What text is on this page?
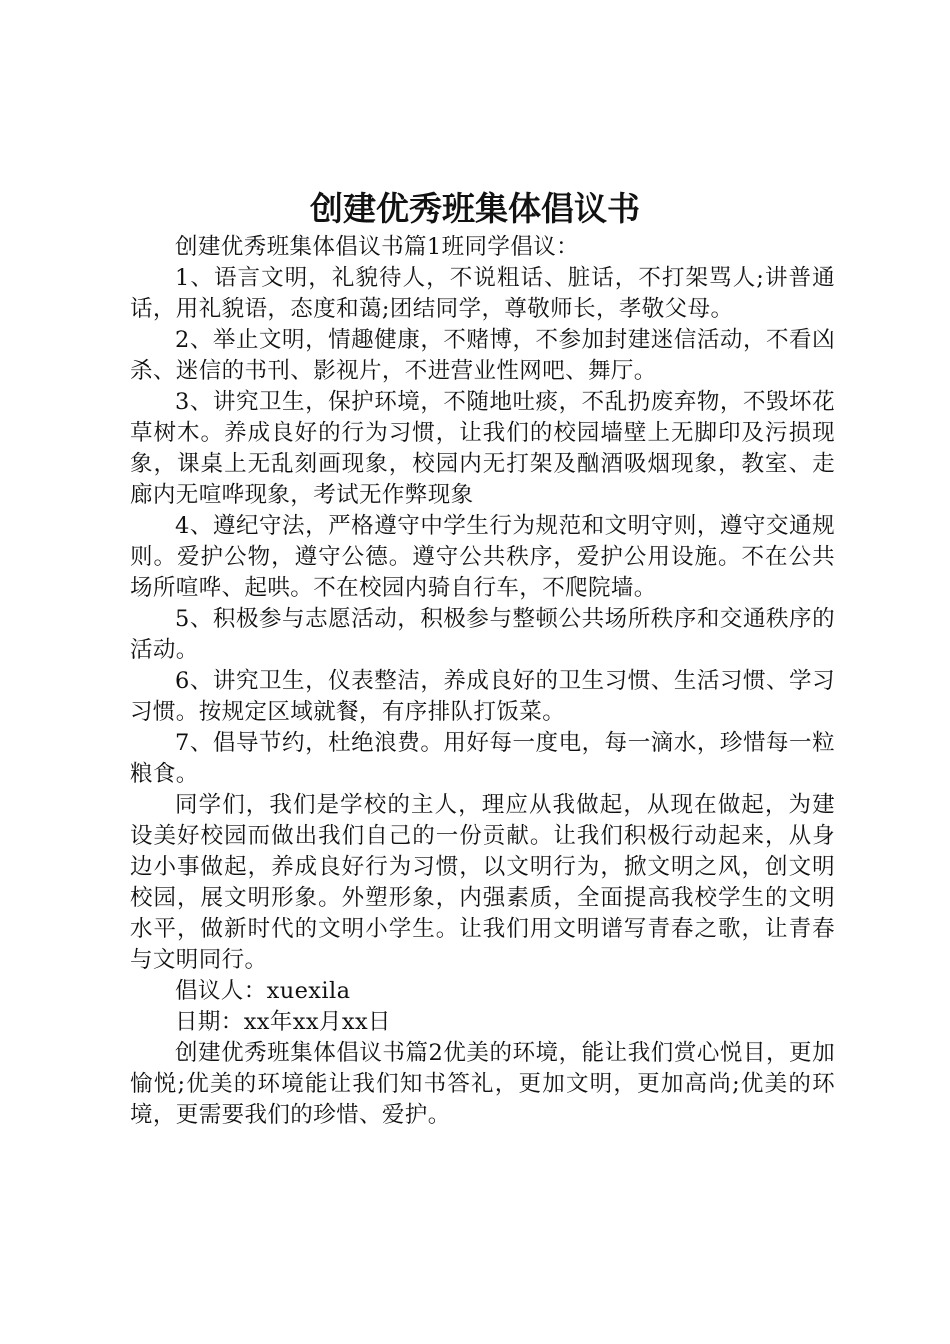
创建优秀班集体倡议书

创建优秀班集体倡议书篇1班同学倡议：

1、语言文明，礼貌待人，不说粗话、脏话，不打架骂人;讲普通话，用礼貌语，态度和蔼;团结同学，尊敬师长，孝敬父母。

2、举止文明，情趣健康，不赌博，不参加封建迷信活动，不看凶杀、迷信的书刊、影视片，不进营业性网吧、舞厅。

3、讲究卫生，保护环境，不随地吐痰，不乱扔废弃物，不毁坏花草树木。养成良好的行为习惯，让我们的校园墙壁上无脚印及污损现象，课桌上无乱刻画现象，校园内无打架及酗酒吸烟现象，教室、走廊内无喧哗现象，考试无作弊现象

4、遵纪守法，严格遵守中学生行为规范和文明守则，遵守交通规则。爱护公物，遵守公德。遵守公共秩序，爱护公用设施。不在公共场所喧哗、起哄。不在校园内骑自行车，不爬院墙。

5、积极参与志愿活动，积极参与整顿公共场所秩序和交通秩序的活动。

6、讲究卫生，仪表整洁，养成良好的卫生习惯、生活习惯、学习习惯。按规定区域就餐，有序排队打饭菜。

7、倡导节约，杜绝浪费。用好每一度电，每一滴水，珍惜每一粒粮食。

同学们，我们是学校的主人，理应从我做起，从现在做起，为建设美好校园而做出我们自己的一份贡献。让我们积极行动起来，从身边小事做起，养成良好行为习惯，以文明行为，掀文明之风，创文明校园，展文明形象。外塑形象，内强素质，全面提高我校学生的文明水平，做新时代的文明小学生。让我们用文明谱写青春之歌，让青春与文明同行。

倡议人：xuexila

日期：xx年xx月xx日

创建优秀班集体倡议书篇2优美的环境，能让我们赏心悦目，更加愉悦;优美的环境能让我们知书答礼，更加文明，更加高尚;优美的环境，更需要我们的珍惜、爱护。
